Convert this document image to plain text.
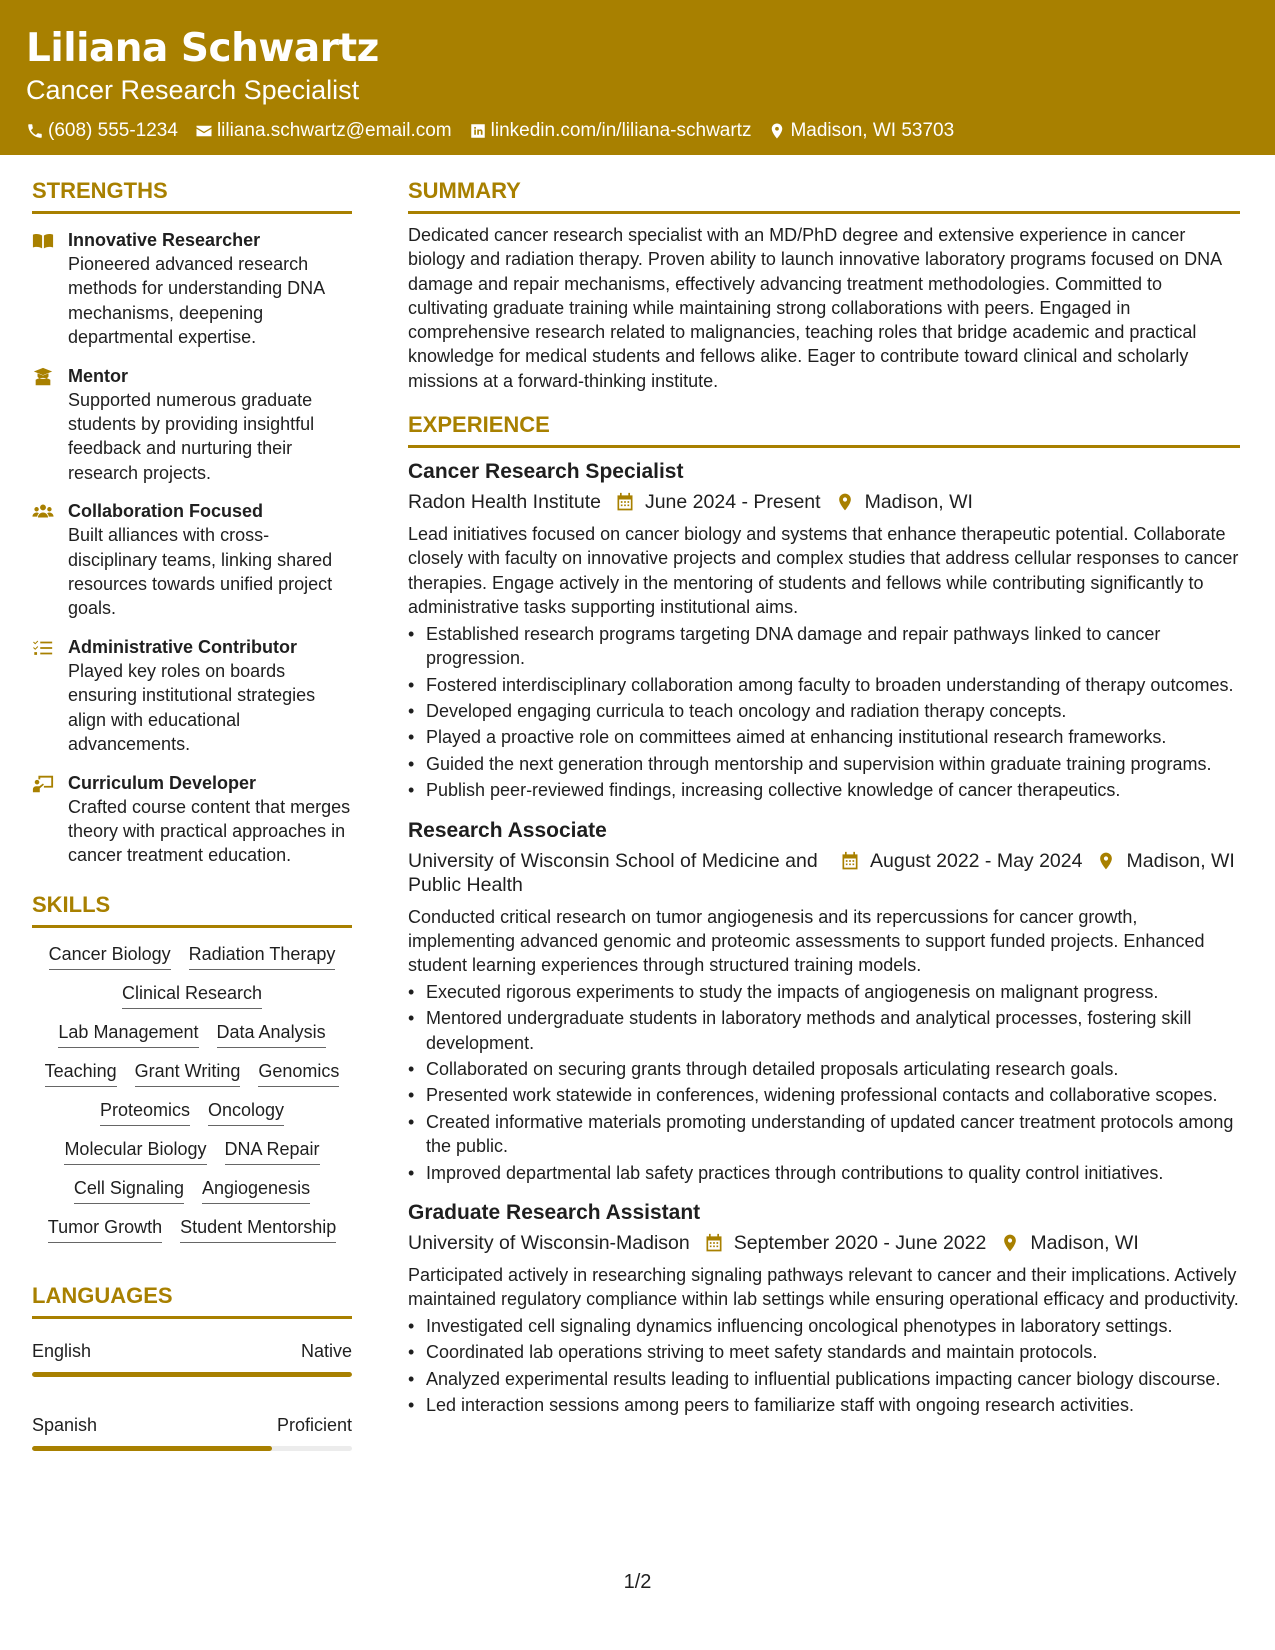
Liliana Schwartz
Cancer Research Specialist
(608) 555-1234 liliana.schwartz@email.com linkedin.com/in/liliana-schwartz Madison, WI 53703
STRENGTHS
Innovative Researcher
Pioneered advanced research methods for understanding DNA mechanisms, deepening departmental expertise.
Mentor
Supported numerous graduate students by providing insightful feedback and nurturing their research projects.
Collaboration Focused
Built alliances with cross-disciplinary teams, linking shared resources towards unified project goals.
Administrative Contributor
Played key roles on boards ensuring institutional strategies align with educational advancements.
Curriculum Developer
Crafted course content that merges theory with practical approaches in cancer treatment education.
SKILLS
Cancer Biology Radiation Therapy
Clinical Research
Lab Management Data Analysis
Teaching Grant Writing Genomics
Proteomics Oncology
Molecular Biology DNA Repair
Cell Signaling Angiogenesis
Tumor Growth Student Mentorship
LANGUAGES
English	Native
Spanish	Proficient
SUMMARY
Dedicated cancer research specialist with an MD/PhD degree and extensive experience in cancer biology and radiation therapy. Proven ability to launch innovative laboratory programs focused on DNA damage and repair mechanisms, effectively advancing treatment methodologies. Committed to cultivating graduate training while maintaining strong collaborations with peers. Engaged in comprehensive research related to malignancies, teaching roles that bridge academic and practical knowledge for medical students and fellows alike. Eager to contribute toward clinical and scholarly missions at a forward-thinking institute.
EXPERIENCE
Cancer Research Specialist
Radon Health Institute June 2024 - Present Madison, WI
Lead initiatives focused on cancer biology and systems that enhance therapeutic potential. Collaborate closely with faculty on innovative projects and complex studies that address cellular responses to cancer therapies. Engage actively in the mentoring of students and fellows while contributing significantly to administrative tasks supporting institutional aims.
• Established research programs targeting DNA damage and repair pathways linked to cancer progression.
• Fostered interdisciplinary collaboration among faculty to broaden understanding of therapy outcomes.
• Developed engaging curricula to teach oncology and radiation therapy concepts.
• Played a proactive role on committees aimed at enhancing institutional research frameworks.
• Guided the next generation through mentorship and supervision within graduate training programs.
• Publish peer-reviewed findings, increasing collective knowledge of cancer therapeutics.
Research Associate
University of Wisconsin School of Medicine and Public Health
August 2022 - May 2024 Madison, WI
Conducted critical research on tumor angiogenesis and its repercussions for cancer growth, implementing advanced genomic and proteomic assessments to support funded projects. Enhanced student learning experiences through structured training models.
• Executed rigorous experiments to study the impacts of angiogenesis on malignant progress.
• Mentored undergraduate students in laboratory methods and analytical processes, fostering skill development.
• Collaborated on securing grants through detailed proposals articulating research goals.
• Presented work statewide in conferences, widening professional contacts and collaborative scopes.
• Created informative materials promoting understanding of updated cancer treatment protocols among the public.
• Improved departmental lab safety practices through contributions to quality control initiatives.
Graduate Research Assistant
University of Wisconsin-Madison September 2020 - June 2022 Madison, WI
Participated actively in researching signaling pathways relevant to cancer and their implications. Actively maintained regulatory compliance within lab settings while ensuring operational efficacy and productivity.
• Investigated cell signaling dynamics influencing oncological phenotypes in laboratory settings.
• Coordinated lab operations striving to meet safety standards and maintain protocols.
• Analyzed experimental results leading to influential publications impacting cancer biology discourse.
• Led interaction sessions among peers to familiarize staff with ongoing research activities.
1/2
